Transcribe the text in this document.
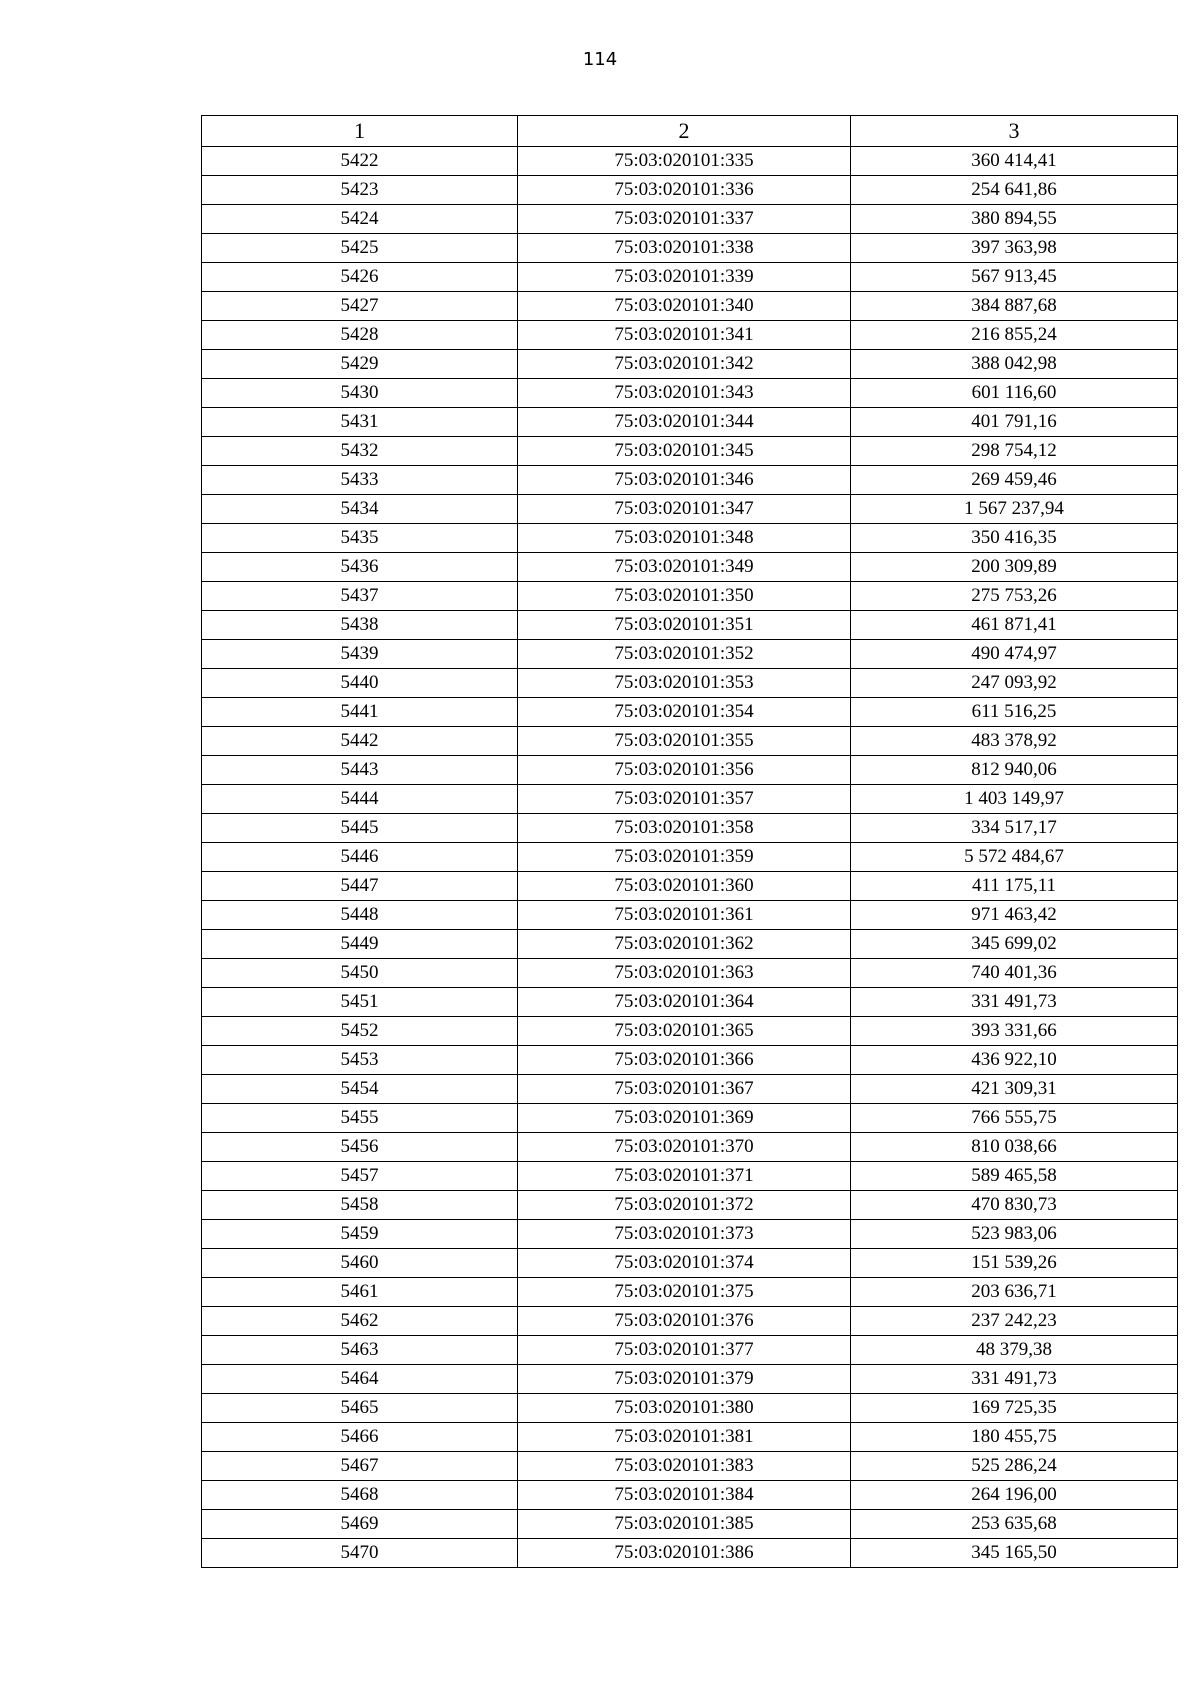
114
1	2	3
5422	75:03:020101:335	360 414,41
5423	75:03:020101:336	254 641,86
5424	75:03:020101:337	380 894,55
5425	75:03:020101:338	397 363,98
5426	75:03:020101:339	567 913,45
5427	75:03:020101:340	384 887,68
5428	75:03:020101:341	216 855,24
5429	75:03:020101:342	388 042,98
5430	75:03:020101:343	601 116,60
5431	75:03:020101:344	401 791,16
5432	75:03:020101:345	298 754,12
5433	75:03:020101:346	269 459,46
5434	75:03:020101:347	1 567 237,94
5435	75:03:020101:348	350 416,35
5436	75:03:020101:349	200 309,89
5437	75:03:020101:350	275 753,26
5438	75:03:020101:351	461 871,41
5439	75:03:020101:352	490 474,97
5440	75:03:020101:353	247 093,92
5441	75:03:020101:354	611 516,25
5442	75:03:020101:355	483 378,92
5443	75:03:020101:356	812 940,06
5444	75:03:020101:357	1 403 149,97
5445	75:03:020101:358	334 517,17
5446	75:03:020101:359	5 572 484,67
5447	75:03:020101:360	411 175,11
5448	75:03:020101:361	971 463,42
5449	75:03:020101:362	345 699,02
5450	75:03:020101:363	740 401,36
5451	75:03:020101:364	331 491,73
5452	75:03:020101:365	393 331,66
5453	75:03:020101:366	436 922,10
5454	75:03:020101:367	421 309,31
5455	75:03:020101:369	766 555,75
5456	75:03:020101:370	810 038,66
5457	75:03:020101:371	589 465,58
5458	75:03:020101:372	470 830,73
5459	75:03:020101:373	523 983,06
5460	75:03:020101:374	151 539,26
5461	75:03:020101:375	203 636,71
5462	75:03:020101:376	237 242,23
5463	75:03:020101:377	48 379,38
5464	75:03:020101:379	331 491,73
5465	75:03:020101:380	169 725,35
5466	75:03:020101:381	180 455,75
5467	75:03:020101:383	525 286,24
5468	75:03:020101:384	264 196,00
5469	75:03:020101:385	253 635,68
5470	75:03:020101:386	345 165,50
